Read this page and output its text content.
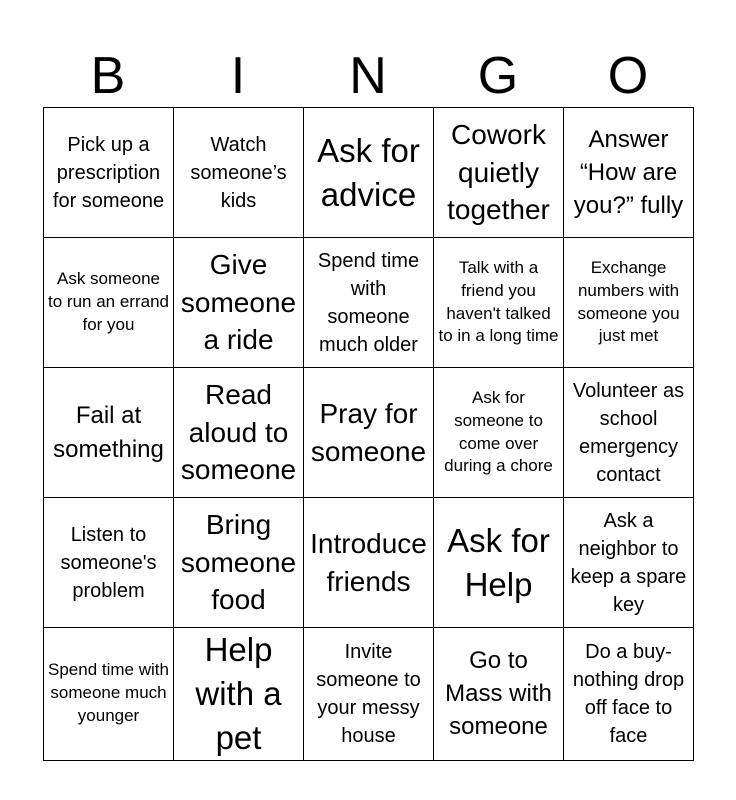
B	I	N	G	O
Pick up a prescription for someone	Watch someone’s kids	Ask for advice	Cowork quietly together	Answer “How are you?” fully
Ask someone to run an errand for you	Give someone a ride	Spend time with someone much older	Talk with a friend you haven't talked to in a long time	Exchange numbers with someone you just met
Fail at something	Read aloud to someone	Pray for someone	Ask for someone to come over during a chore	Volunteer as school emergency contact
Listen to someone's problem	Bring someone food	Introduce friends	Ask for Help	Ask a neighbor to keep a spare key
Spend time with someone much younger	Help with a pet	Invite someone to your messy house	Go to Mass with someone	Do a buy-nothing drop off face to face
